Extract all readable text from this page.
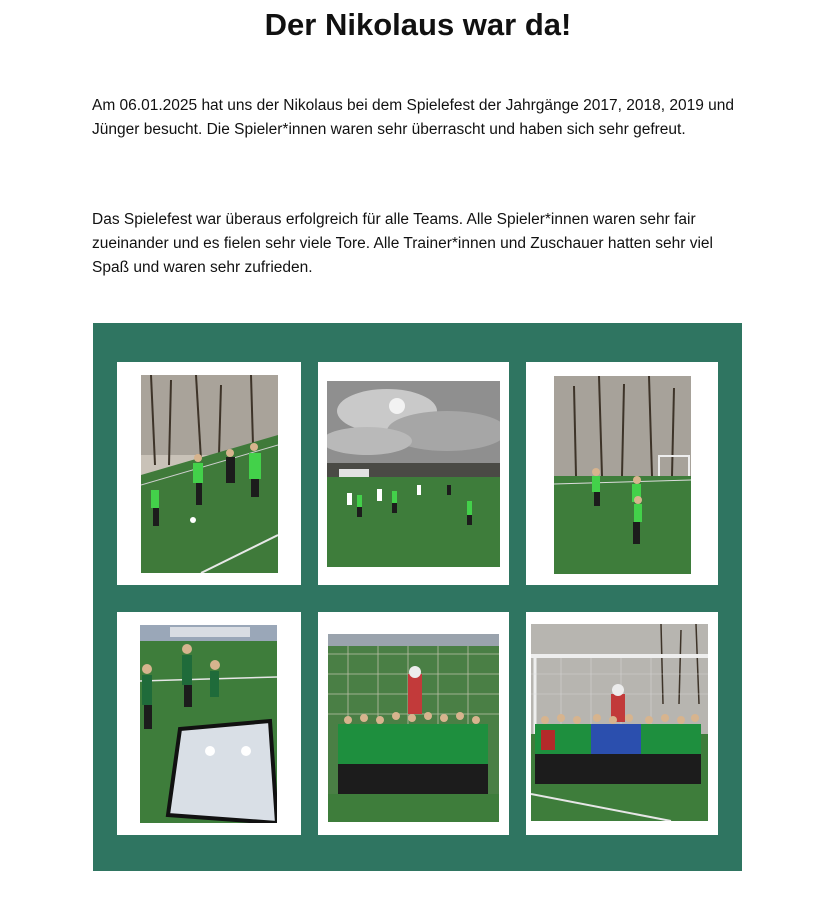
Der Nikolaus war da!

Am 06.01.2025 hat uns der Nikolaus bei dem Spielefest der Jahrgänge 2017, 2018, 2019 und Jünger besucht. Die Spieler*innen waren sehr überrascht und haben sich sehr gefreut.

Das Spielefest war überaus erfolgreich für alle Teams. Alle Spieler*innen waren sehr fair zueinander und es fielen sehr viele Tore. Alle Trainer*innen und Zuschauer hatten sehr viel Spaß und waren sehr zufrieden.
